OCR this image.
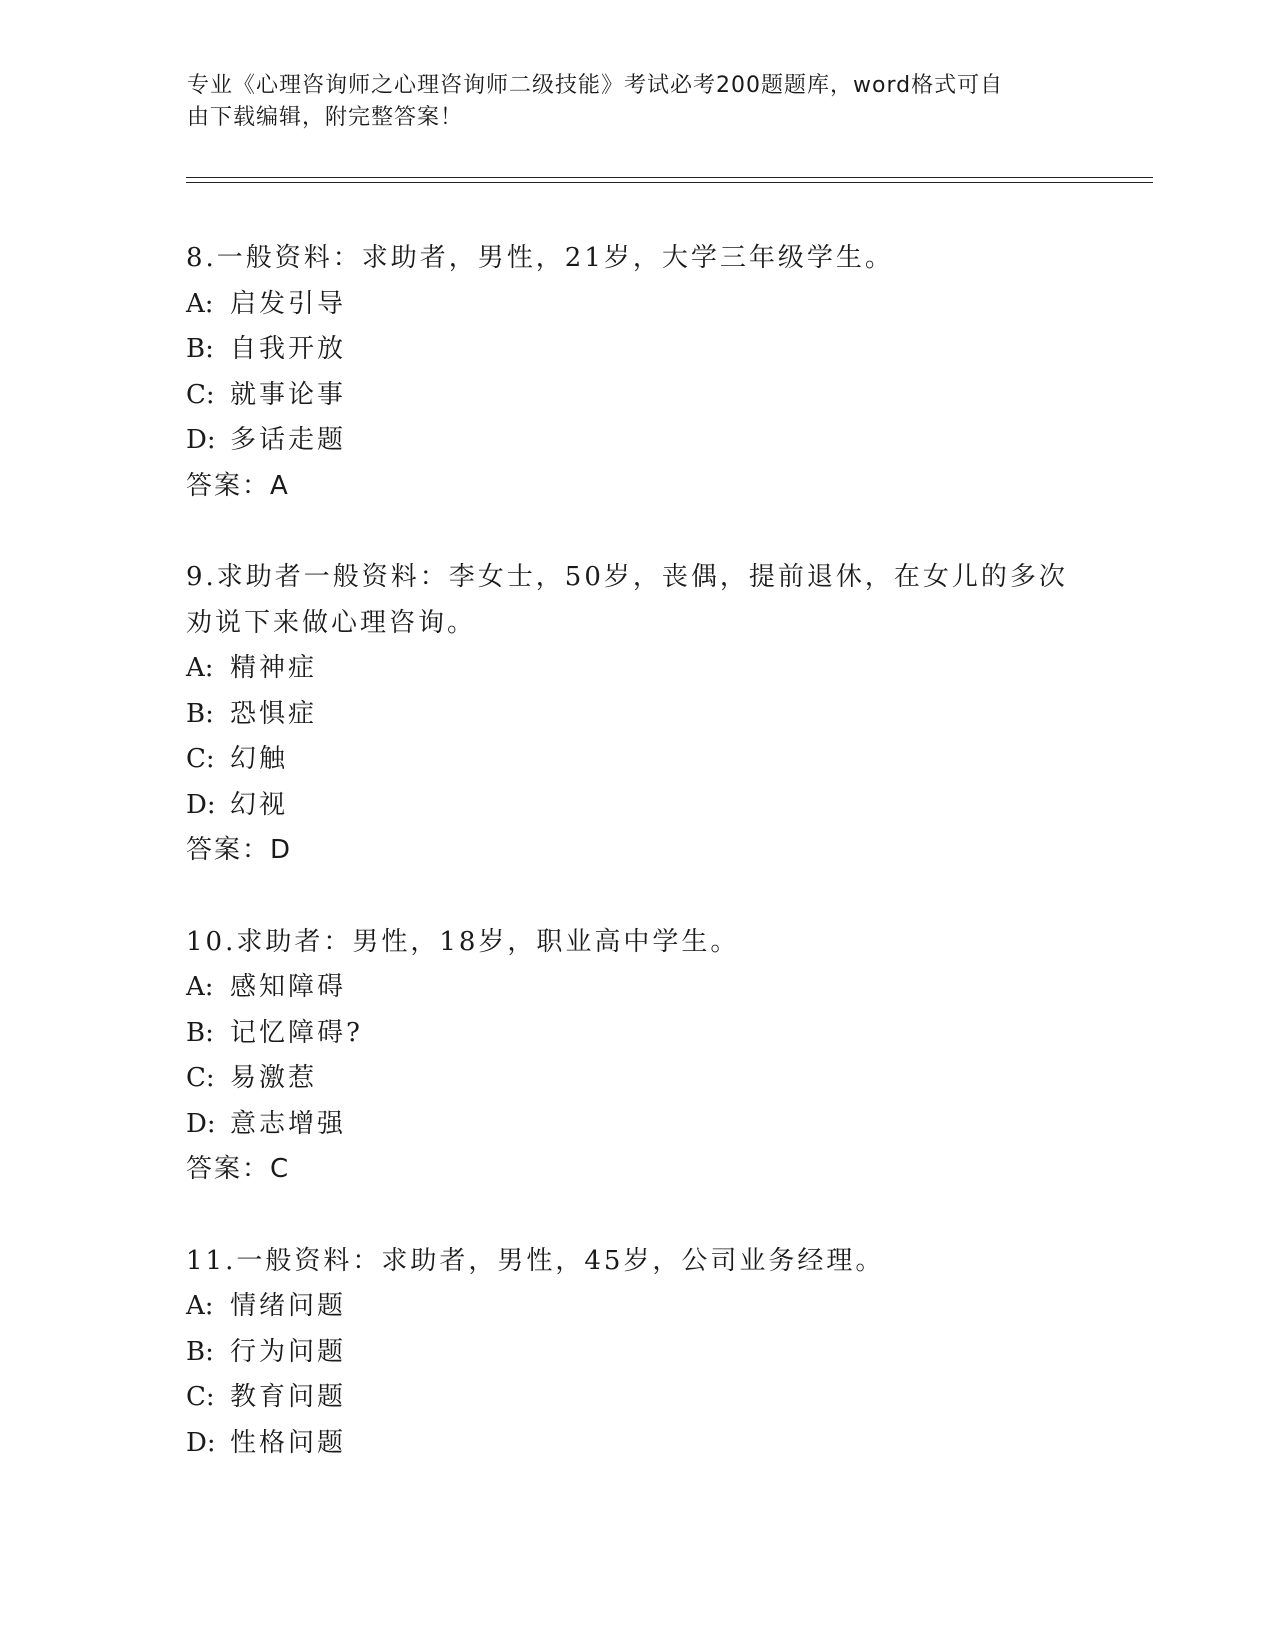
专业《心理咨询师之心理咨询师二级技能》考试必考200题题库，word格式可自
由下载编辑，附完整答案！
8.一般资料：求助者，男性，21岁，大学三年级学生。
A: 启发引导
B: 自我开放
C: 就事论事
D: 多话走题
答案：A
9.求助者一般资料：李女士，50岁，丧偶，提前退休，在女儿的多次
劝说下来做心理咨询。
A: 精神症
B: 恐惧症
C: 幻触
D: 幻视
答案：D
10.求助者：男性，18岁，职业高中学生。
A: 感知障碍
B: 记忆障碍?
C: 易激惹
D: 意志增强
答案：C
11.一般资料：求助者，男性，45岁，公司业务经理。
A: 情绪问题
B: 行为问题
C: 教育问题
D: 性格问题
